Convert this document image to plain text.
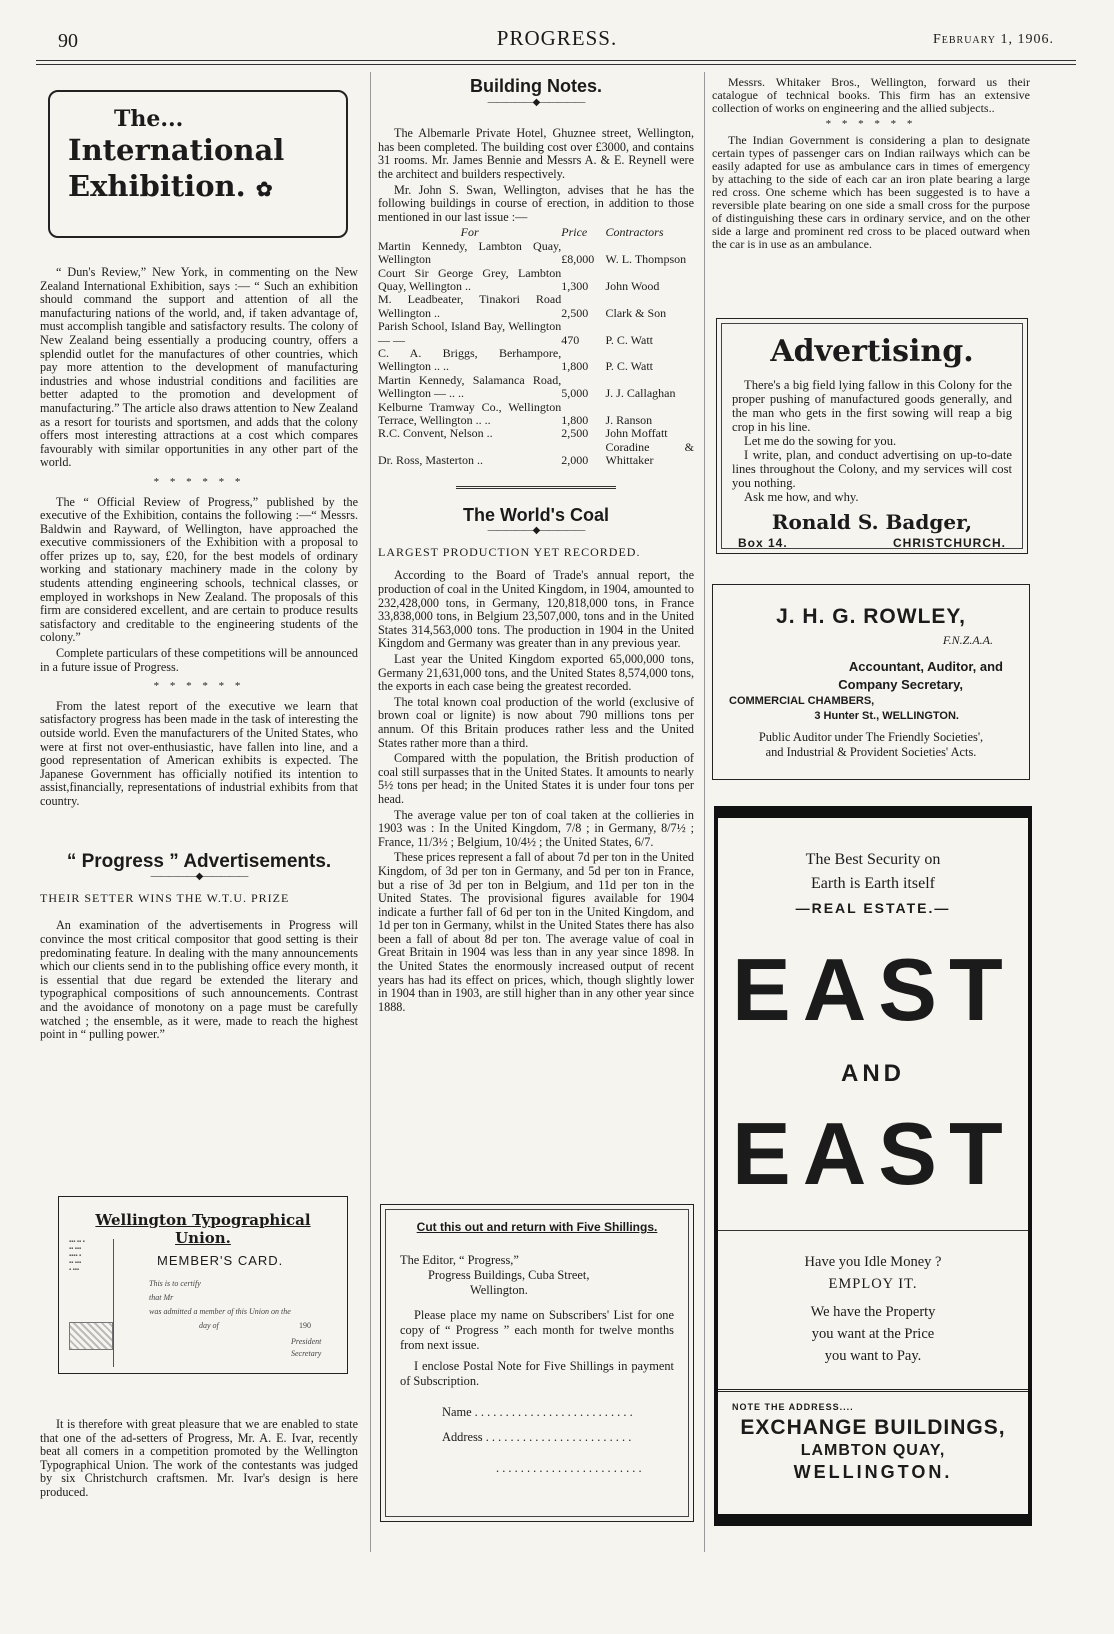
90	PROGRESS.	February 1, 1906.
The...
International
Exhibition. ✿

“ Dun's Review,” New York, in commenting on the New Zealand International Exhibition, says :— “ Such an exhibition should command the support and attention of all the manufacturing nations of the world, and, if taken advantage of, must accomplish tangible and satisfactory results. The colony of New Zealand being essentially a producing country, offers a splendid outlet for the manufactures of other countries, which pay more attention to the development of manufacturing industries and whose industrial conditions and facilities are better adapted to the promotion and development of manufacturing.” The article also draws attention to New Zealand as a resort for tourists and sportsmen, and adds that the colony offers most interesting attractions at a cost which compares favourably with similar opportunities in any other part of the world.

* * * * * *

The “ Official Review of Progress,” published by the executive of the Exhibition, contains the following :—“ Messrs. Baldwin and Rayward, of Wellington, have approached the executive commissioners of the Exhibition with a proposal to offer prizes up to, say, £20, for the best models of ordinary working and stationary machinery made in the colony by students attending engineering schools, technical classes, or employed in workshops in New Zealand. The proposals of this firm are considered excellent, and are certain to produce results satisfactory and creditable to the engineering students of the colony.”

Complete particulars of these competitions will be announced in a future issue of Progress.

* * * * * *

From the latest report of the executive we learn that satisfactory progress has been made in the task of interesting the outside world. Even the manufacturers of the United States, who were at first not over-enthusiastic, have fallen into line, and a good representation of American exhibits is expected. The Japanese Government has officially notified its intention to assist,financially, representations of industrial exhibits from that country.

“ Progress ” Advertisements.
―――――◆―――――
THEIR SETTER WINS THE W.T.U. PRIZE

An examination of the advertisements in Progress will convince the most critical compositor that good setting is their predominating feature. In dealing with the many announcements which our clients send in to the publishing office every month, it is essential that due regard be extended the literary and typographical compositions of such announcements. Contrast and the avoidance of monotony on a page must be carefully watched ; the ensemble, as it were, made to reach the highest point in “ pulling power.”

Wellington Typographical Union.
▪▪▪ ▪▪ ▪
▪▪ ▪▪▪
▪▪▪▪ ▪
▪▪ ▪▪▪
▪ ▪▪▪

MEMBER'S CARD.
This is to certify
that Mr
was admitted a member of this Union on the
day of	190
President
Secretary

It is therefore with great pleasure that we are enabled to state that one of the ad-setters of Progress, Mr. A. E. Ivar, recently beat all comers in a competition promoted by the Wellington Typographical Union. The work of the contestants was judged by six Christchurch craftsmen. Mr. Ivar's design is here produced.

Building Notes.
―――――◆―――――

The Albemarle Private Hotel, Ghuznee street, Wellington, has been completed. The building cost over £3000, and contains 31 rooms. Mr. James Bennie and Messrs A. & E. Reynell were the architect and builders respectively.

Mr. John S. Swan, Wellington, advises that he has the following buildings in course of erection, in addition to those mentioned in our last issue :—

For	Price	Contractors
Martin Kennedy, Lambton Quay, Wellington	£8,000	W. L. Thompson
Court Sir George Grey, Lambton Quay, Wellington ..	1,300	John Wood
M. Leadbeater, Tinakori Road Wellington ..	2,500	Clark & Son
Parish School, Island Bay, Wellington — —	470	P. C. Watt
C. A. Briggs, Berhampore, Wellington .. ..	1,800	P. C. Watt
Martin Kennedy, Salamanca Road, Wellington — .. ..	5,000	J. J. Callaghan
Kelburne Tramway Co., Wellington Terrace, Wellington .. ..	1,800	J. Ranson
R.C. Convent, Nelson ..	2,500	John Moffatt
Dr. Ross, Masterton ..	2,000	Coradine & Whittaker
The World's Coal
―――――◆―――――
LARGEST PRODUCTION YET RECORDED.

According to the Board of Trade's annual report, the production of coal in the United Kingdom, in 1904, amounted to 232,428,000 tons, in Germany, 120,818,000 tons, in France 33,838,000 tons, in Belgium 23,507,000, tons and in the United States 314,563,000 tons. The production in 1904 in the United Kingdom and Germany was greater than in any previous year.

Last year the United Kingdom exported 65,000,000 tons, Germany 21,631,000 tons, and the United States 8,574,000 tons, the exports in each case being the greatest recorded.

The total known coal production of the world (exclusive of brown coal or lignite) is now about 790 millions tons per annum. Of this Britain produces rather less and the United States rather more than a third.

Compared witth the population, the British production of coal still surpasses that in the United States. It amounts to nearly 5½ tons per head; in the United States it is under four tons per head.

The average value per ton of coal taken at the collieries in 1903 was : In the United Kingdom, 7/8 ; in Germany, 8/7½ ; France, 11/3½ ; Belgium, 10/4½ ; the United States, 6/7.

These prices represent a fall of about 7d per ton in the United Kingdom, of 3d per ton in Germany, and 5d per ton in France, but a rise of 3d per ton in Belgium, and 11d per ton in the United States. The provisional figures available for 1904 indicate a further fall of 6d per ton in the United Kingdom, and 1d per ton in Germany, whilst in the United States there has also been a fall of about 8d per ton. The average value of coal in Great Britain in 1904 was less than in any year since 1898. In the United States the enormously increased output of recent years has had its effect on prices, which, though slightly lower in 1904 than in 1903, are still higher than in any other year since 1888.

Cut this out and return with Five Shillings.
The Editor, “ Progress,”
Progress Buildings, Cuba Street,
Wellington.
Please place my name on Subscribers' List for one copy of “ Progress ” each month for twelve months from next issue.
I enclose Postal Note for Five Shillings in payment of Subscription.
Name . . . . . . . . . . . . . . . . . . . . . . . . . .
Address . . . . . . . . . . . . . . . . . . . . . . . .
. . . . . . . . . . . . . . . . . . . . . . . .

Messrs. Whitaker Bros., Wellington, forward us their catalogue of technical books. This firm has an extensive collection of works on engineering and the allied subjects..

* * * * * *

The Indian Government is considering a plan to designate certain types of passenger cars on Indian railways which can be easily adapted for use as ambulance cars in times of emergency by attaching to the side of each car an iron plate bearing a large red cross. One scheme which has been suggested is to have a reversible plate bearing on one side a small cross for the purpose of distinguishing these cars in ordinary service, and on the other side a large and prominent red cross to be placed outward when the car is in use as an ambulance.

Advertising.
There's a big field lying fallow in this Colony for the proper pushing of manufactured goods generally, and the man who gets in the first sowing will reap a big crop in his line.
Let me do the sowing for you.
I write, plan, and conduct advertising on up-to-date lines throughout the Colony, and my services will cost you nothing.
Ask me how, and why.
Ronald S. Badger,
Box 14.	CHRISTCHURCH.
J. H. G. ROWLEY,
F.N.Z.A.A.
Accountant, Auditor, and
Company Secretary,
COMMERCIAL CHAMBERS,
3 Hunter St., WELLINGTON.
Public Auditor under The Friendly Societies',
and Industrial & Provident Societies' Acts.
The Best Security on
Earth is Earth itself
—REAL ESTATE.—
EAST
AND
EAST
Have you Idle Money ?
EMPLOY IT.
We have the Property
you want at the Price
you want to Pay.
NOTE THE ADDRESS....
EXCHANGE BUILDINGS,
LAMBTON QUAY,
WELLINGTON.
